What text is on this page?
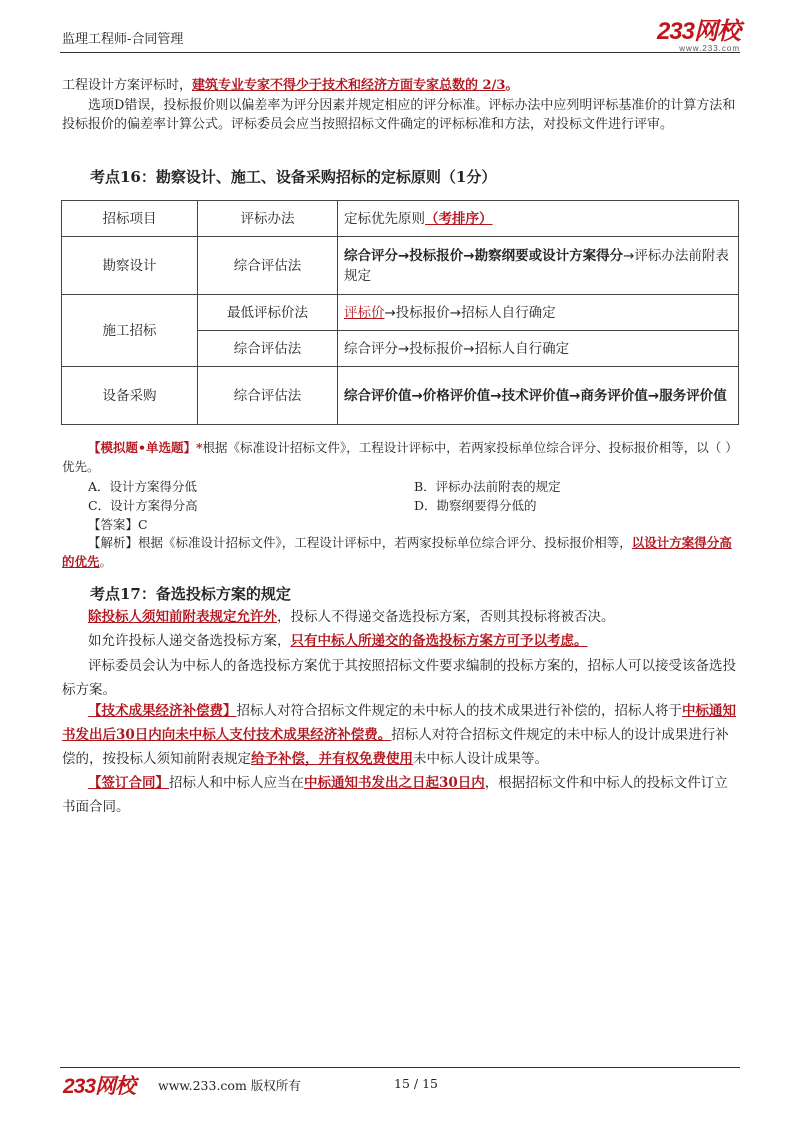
监理工程师-合同管理	233网校
www.233.com
工程设计方案评标时，建筑专业专家不得少于技术和经济方面专家总数的 2/3。
选项D错误，投标报价则以偏差率为评分因素并规定相应的评分标准。评标办法中应列明评标基准价的计算方法和投标报价的偏差率计算公式。评标委员会应当按照招标文件确定的评标标准和方法，对投标文件进行评审。
考点16：勘察设计、施工、设备采购招标的定标原则（1分）
招标项目	评标办法	定标优先原则（考排序）
勘察设计	综合评估法	综合评分→投标报价→勘察纲要或设计方案得分→评标办法前附表规定
施工招标	最低评标价法	评标价→投标报价→招标人自行确定
	综合评估法	综合评分→投标报价→招标人自行确定
设备采购	综合评估法	综合评价值→价格评价值→技术评价值→商务评价值→服务评价值
【模拟题•单选题】*根据《标准设计招标文件》，工程设计评标中，若两家投标单位综合评分、投标报价相等，以（ ）优先。
A．设计方案得分低	B．评标办法前附表的规定
C．设计方案得分高	D．勘察纲要得分低的
【答案】C
【解析】根据《标准设计招标文件》，工程设计评标中，若两家投标单位综合评分、投标报价相等，以设计方案得分高的优先。
考点17：备选投标方案的规定
除投标人须知前附表规定允许外，投标人不得递交备选投标方案，否则其投标将被否决。
如允许投标人递交备选投标方案，只有中标人所递交的备选投标方案方可予以考虑。
评标委员会认为中标人的备选投标方案优于其按照招标文件要求编制的投标方案的，招标人可以接受该备选投标方案。
【技术成果经济补偿费】招标人对符合招标文件规定的未中标人的技术成果进行补偿的，招标人将于中标通知书发出后30日内向未中标人支付技术成果经济补偿费。招标人对符合招标文件规定的未中标人的设计成果进行补偿的，按投标人须知前附表规定给予补偿，并有权免费使用未中标人设计成果等。
【签订合同】招标人和中标人应当在中标通知书发出之日起30日内，根据招标文件和中标人的投标文件订立书面合同。
233网校 www.233.com 版权所有	15 / 15
